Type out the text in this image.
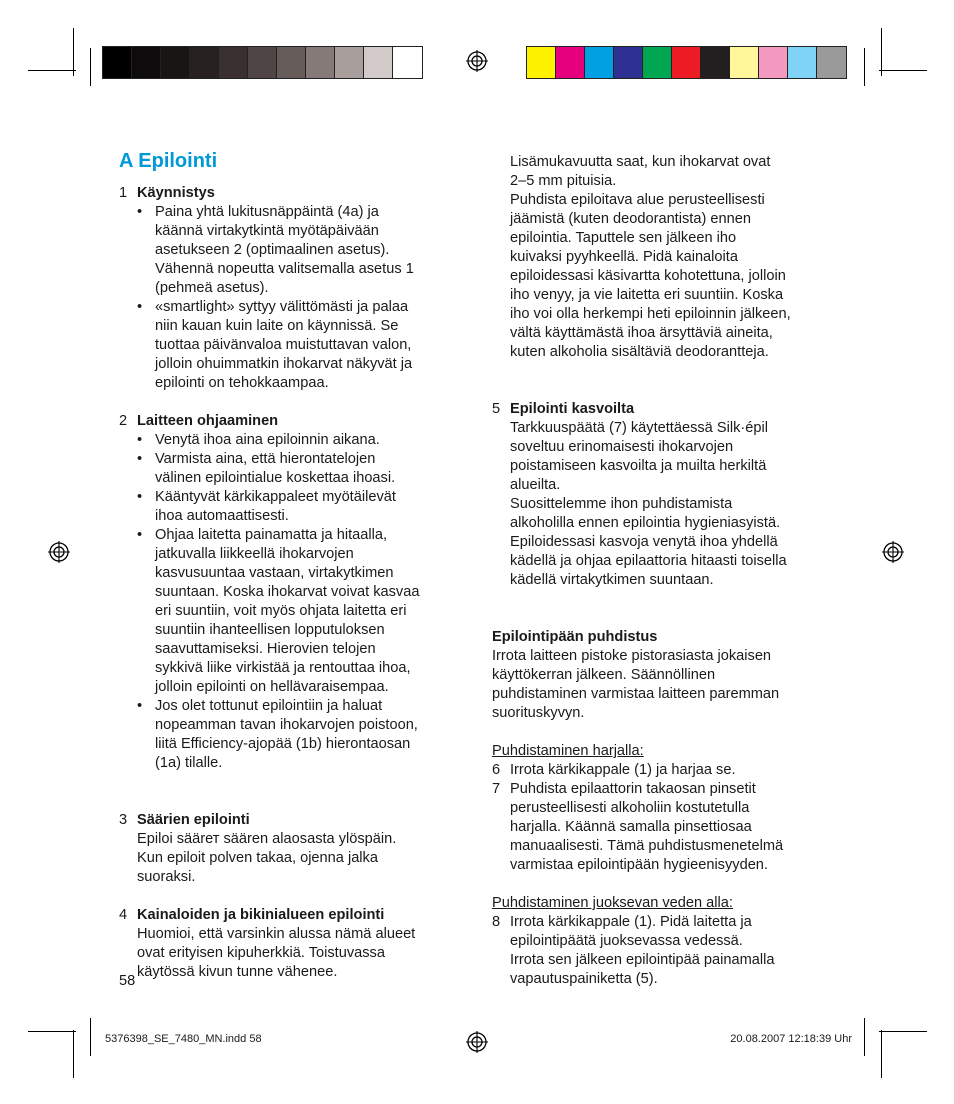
A Epilointi
1 Käynnistys
• Paina yhtä lukitusnäppäintä (4a) ja
käännä virtakytkintä myötäpäivään
asetukseen 2 (optimaalinen asetus).
Vähennä nopeutta valitsemalla asetus 1
(pehmeä asetus).
• «smartlight» syttyy välittömästi ja palaa
niin kauan kuin laite on käynnissä. Se
tuottaa päivänvaloa muistuttavan valon,
jolloin ohuimmatkin ihokarvat näkyvät ja
epilointi on tehokkaampaa.
2 Laitteen ohjaaminen
• Venytä ihoa aina epiloinnin aikana.
• Varmista aina, että hierontatelojen
välinen epilointialue koskettaa ihoasi.
• Kääntyvät kärkikappaleet myötäilevät
ihoa automaattisesti.
• Ohjaa laitetta painamatta ja hitaalla,
jatkuvalla liikkeellä ihokarvojen
kasvusuuntaa vastaan, virtakytkimen
suuntaan. Koska ihokarvat voivat kasvaa
eri suuntiin, voit myös ohjata laitetta eri
suuntiin ihanteellisen lopputuloksen
saavuttamiseksi. Hierovien telojen
sykkivä liike virkistää ja rentouttaa ihoa,
jolloin epilointi on hellävaraisempaa.
• Jos olet tottunut epilointiin ja haluat
nopeamman tavan ihokarvojen poistoon,
liitä Efficiency-ajopää (1b) hierontaosan
(1a) tilalle.
3 Säärien epilointi
Epiloi säärет säären alaosasta ylöspäin.
Kun epiloit polven takaa, ojenna jalka
suoraksi.
4 Kainaloiden ja bikinialueen epilointi
Huomioi, että varsinkin alussa nämä alueet
ovat erityisen kipuherkkiä. Toistuvassa
käytössä kivun tunne vähenee.
58
Lisämukavuutta saat, kun ihokarvat ovat
2–5 mm pituisia.
Puhdista epiloitava alue perusteellisesti
jäämistä (kuten deodorantista) ennen
epilointia. Taputtele sen jälkeen iho
kuivaksi pyyhkeellä. Pidä kainaloita
epiloidessasi käsivartta kohotettuna, jolloin
iho venyy, ja vie laitetta eri suuntiin. Koska
iho voi olla herkempi heti epiloinnin jälkeen,
vältä käyttämästä ihoa ärsyttäviä aineita,
kuten alkoholia sisältäviä deodorantteja.
5 Epilointi kasvoilta
Tarkkuuspäätä (7) käytettäessä Silk·épil
soveltuu erinomaisesti ihokarvojen
poistamiseen kasvoilta ja muilta herkiltä
alueilta.
Suosittelemme ihon puhdistamista
alkoholilla ennen epilointia hygieniasyistä.
Epiloidessasi kasvoja venytä ihoa yhdellä
kädellä ja ohjaa epilaattoria hitaasti toisella
kädellä virtakytkimen suuntaan.
Epilointipään puhdistus
Irrota laitteen pistoke pistorasiasta jokaisen
käyttökerran jälkeen. Säännöllinen
puhdistaminen varmistaa laitteen paremman
suorituskyvyn.
Puhdistaminen harjalla:
6 Irrota kärkikappale (1) ja harjaa se.
7 Puhdista epilaattorin takaosan pinsetit
perusteellisesti alkoholiin kostutetulla
harjalla. Käännä samalla pinsettiosaa
manuaalisesti. Tämä puhdistusmenetelmä
varmistaa epilointipään hygieenisyyden.
Puhdistaminen juoksevan veden alla:
8 Irrota kärkikappale (1). Pidä laitetta ja
epilointipäätä juoksevassa vedessä.
Irrota sen jälkeen epilointipää painamalla
vapautuspainiketta (5).
5376398_SE_7480_MN.indd 58	20.08.2007 12:18:39 Uhr
